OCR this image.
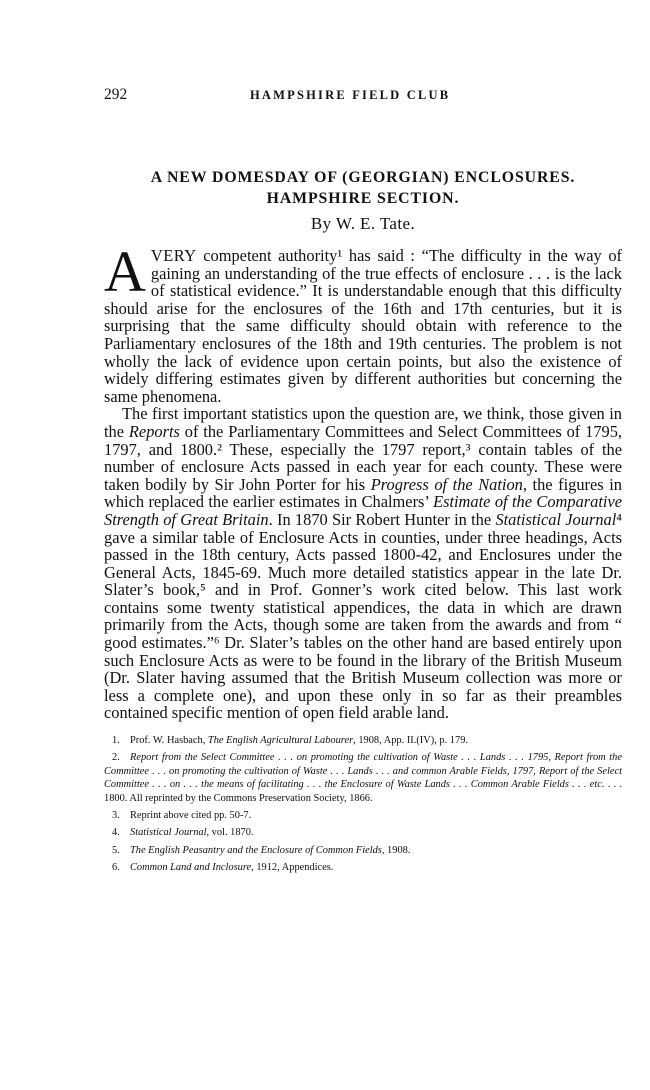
292	HAMPSHIRE FIELD CLUB
A NEW DOMESDAY OF (GEORGIAN) ENCLOSURES.
HAMPSHIRE SECTION.
By W. E. Tate.

AVERY competent authority¹ has said : “The difficulty in the way of gaining an understanding of the true effects of enclosure . . . is the lack of statistical evidence.” It is understandable enough that this difficulty should arise for the enclosures of the 16th and 17th centuries, but it is surprising that the same difficulty should obtain with reference to the Parliamentary enclosures of the 18th and 19th centuries. The problem is not wholly the lack of evidence upon certain points, but also the existence of widely differing estimates given by different authorities but concerning the same phenomena.

The first important statistics upon the question are, we think, those given in the Reports of the Parliamentary Committees and Select Committees of 1795, 1797, and 1800.² These, especially the 1797 report,³ contain tables of the number of enclosure Acts passed in each year for each county. These were taken bodily by Sir John Porter for his Progress of the Nation, the figures in which replaced the earlier estimates in Chalmers’ Estimate of the Comparative Strength of Great Britain. In 1870 Sir Robert Hunter in the Statistical Journal⁴ gave a similar table of Enclosure Acts in counties, under three headings, Acts passed in the 18th century, Acts passed 1800-42, and Enclosures under the General Acts, 1845-69. Much more detailed statistics appear in the late Dr. Slater’s book,⁵ and in Prof. Gonner’s work cited below. This last work contains some twenty statistical appendices, the data in which are drawn primarily from the Acts, though some are taken from the awards and from “ good estimates.”⁶ Dr. Slater’s tables on the other hand are based entirely upon such Enclosure Acts as were to be found in the library of the British Museum (Dr. Slater having assumed that the British Museum collection was more or less a complete one), and upon these only in so far as their preambles contained specific mention of open field arable land.

1. Prof. W. Hasbach, The English Agricultural Labourer, 1908, App. II.(IV), p. 179.
2. Report from the Select Committee . . . on promoting the cultivation of Waste . . . Lands . . . 1795, Report from the Committee . . . on promoting the cultivation of Waste . . . Lands . . . and common Arable Fields, 1797, Report of the Select Committee . . . on . . . the means of facilitating . . . the Enclosure of Waste Lands . . . Common Arable Fields . . . etc. . . . 1800. All reprinted by the Commons Preservation Society, 1866.
3. Reprint above cited pp. 50-7.
4. Statistical Journal, vol. 1870.
5. The English Peasantry and the Enclosure of Common Fields, 1908.
6. Common Land and Inclosure, 1912, Appendices.
